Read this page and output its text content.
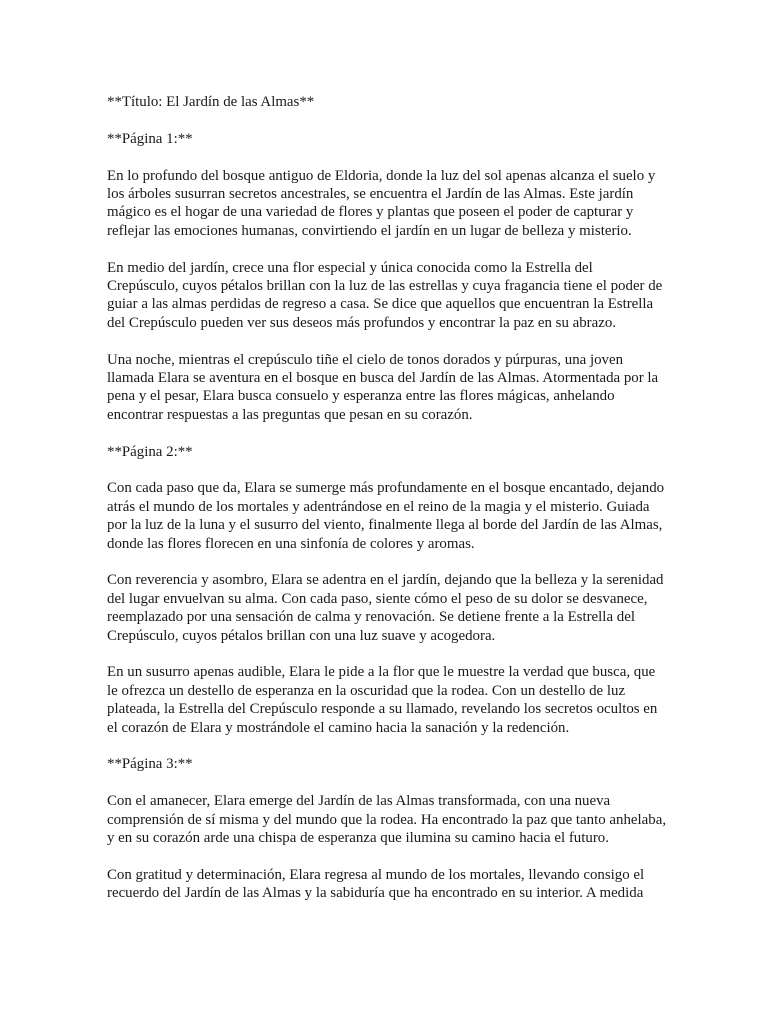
**Título: El Jardín de las Almas**

**Página 1:**

En lo profundo del bosque antiguo de Eldoria, donde la luz del sol apenas alcanza el suelo y los árboles susurran secretos ancestrales, se encuentra el Jardín de las Almas. Este jardín mágico es el hogar de una variedad de flores y plantas que poseen el poder de capturar y reflejar las emociones humanas, convirtiendo el jardín en un lugar de belleza y misterio.

En medio del jardín, crece una flor especial y única conocida como la Estrella del Crepúsculo, cuyos pétalos brillan con la luz de las estrellas y cuya fragancia tiene el poder de guiar a las almas perdidas de regreso a casa. Se dice que aquellos que encuentran la Estrella del Crepúsculo pueden ver sus deseos más profundos y encontrar la paz en su abrazo.

Una noche, mientras el crepúsculo tiñe el cielo de tonos dorados y púrpuras, una joven llamada Elara se aventura en el bosque en busca del Jardín de las Almas. Atormentada por la pena y el pesar, Elara busca consuelo y esperanza entre las flores mágicas, anhelando encontrar respuestas a las preguntas que pesan en su corazón.

**Página 2:**

Con cada paso que da, Elara se sumerge más profundamente en el bosque encantado, dejando atrás el mundo de los mortales y adentrándose en el reino de la magia y el misterio. Guiada por la luz de la luna y el susurro del viento, finalmente llega al borde del Jardín de las Almas, donde las flores florecen en una sinfonía de colores y aromas.

Con reverencia y asombro, Elara se adentra en el jardín, dejando que la belleza y la serenidad del lugar envuelvan su alma. Con cada paso, siente cómo el peso de su dolor se desvanece, reemplazado por una sensación de calma y renovación. Se detiene frente a la Estrella del Crepúsculo, cuyos pétalos brillan con una luz suave y acogedora.

En un susurro apenas audible, Elara le pide a la flor que le muestre la verdad que busca, que le ofrezca un destello de esperanza en la oscuridad que la rodea. Con un destello de luz plateada, la Estrella del Crepúsculo responde a su llamado, revelando los secretos ocultos en el corazón de Elara y mostrándole el camino hacia la sanación y la redención.

**Página 3:**

Con el amanecer, Elara emerge del Jardín de las Almas transformada, con una nueva comprensión de sí misma y del mundo que la rodea. Ha encontrado la paz que tanto anhelaba, y en su corazón arde una chispa de esperanza que ilumina su camino hacia el futuro.

Con gratitud y determinación, Elara regresa al mundo de los mortales, llevando consigo el recuerdo del Jardín de las Almas y la sabiduría que ha encontrado en su interior. A medida
